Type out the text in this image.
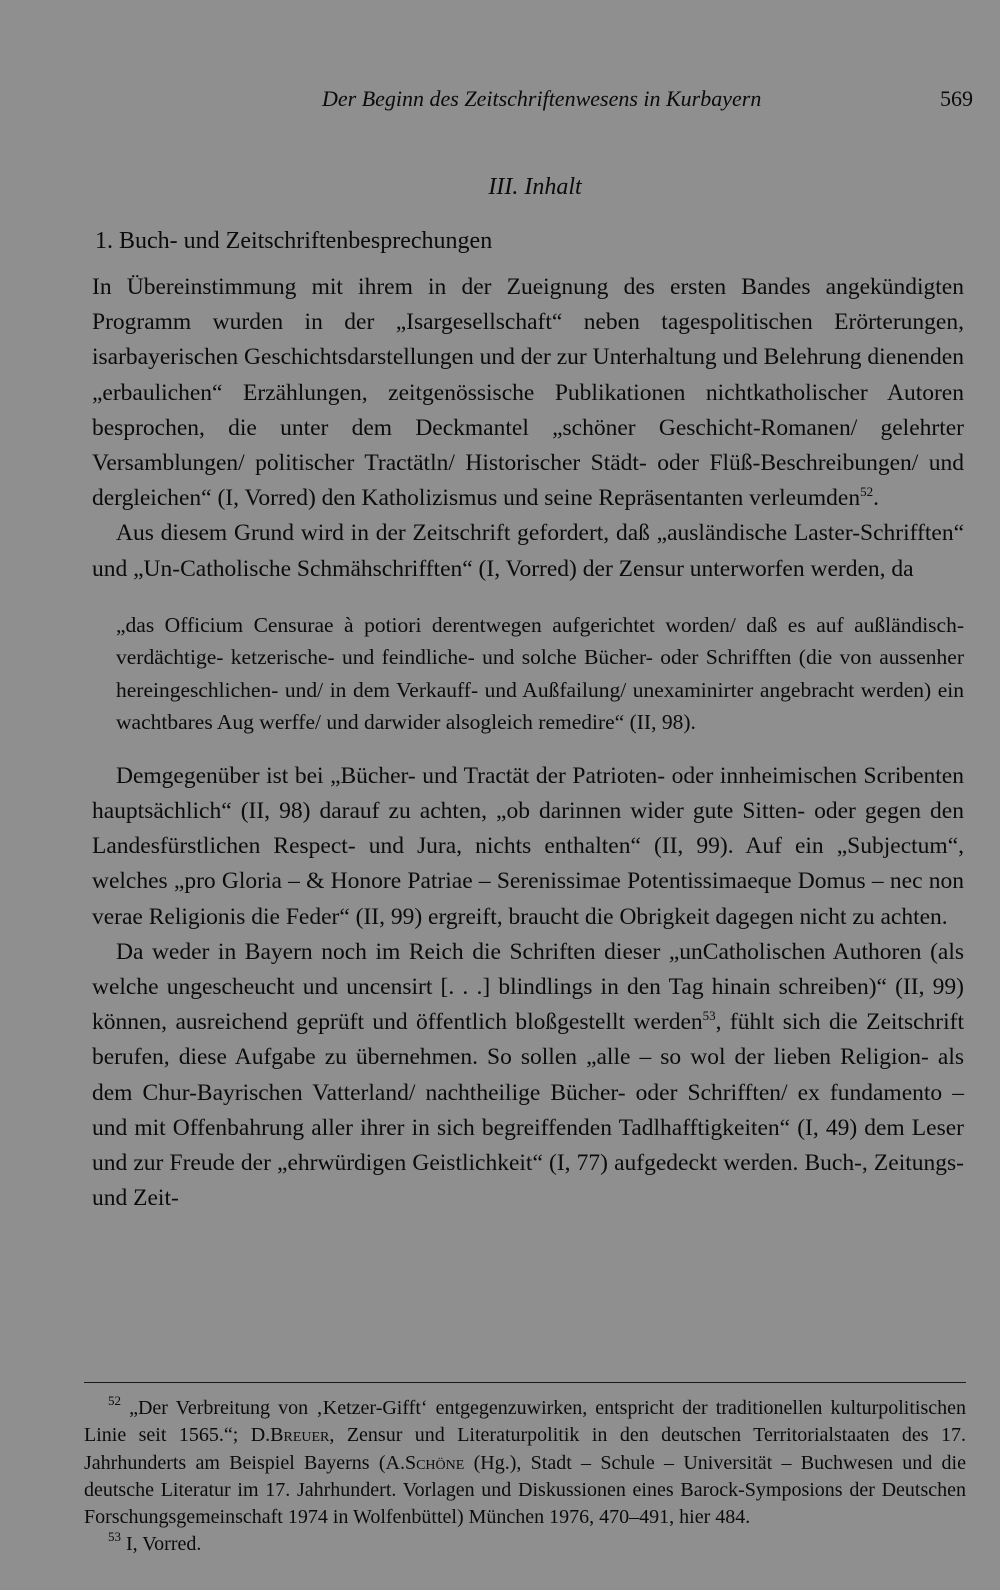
Der Beginn des Zeitschriftenwesens in Kurbayern	569
III. Inhalt
1. Buch- und Zeitschriftenbesprechungen

In Übereinstimmung mit ihrem in der Zueignung des ersten Bandes angekündigten Programm wurden in der „Isargesellschaft“ neben tagespolitischen Erörterungen, isarbayerischen Geschichtsdarstellungen und der zur Unterhaltung und Belehrung dienenden „erbaulichen“ Erzählungen, zeitgenössische Publikationen nichtkatholischer Autoren besprochen, die unter dem Deckmantel „schöner Geschicht-Romanen/ gelehrter Versamblungen/ politischer Tractätln/ Historischer Städt- oder Flüß-Beschreibungen/ und dergleichen“ (I, Vorred) den Katholizismus und seine Repräsentanten verleumden$^{52}$.

Aus diesem Grund wird in der Zeitschrift gefordert, daß „ausländische Laster-Schrifften“ und „Un-Catholische Schmähschrifften“ (I, Vorred) der Zensur unterworfen werden, da

„das Officium Censurae à potiori derentwegen aufgerichtet worden/ daß es auf außländisch- verdächtige- ketzerische- und feindliche- und solche Bücher- oder Schrifften (die von aussenher hereingeschlichen- und/ in dem Verkauff- und Außfailung/ unexaminirter angebracht werden) ein wachtbares Aug werffe/ und darwider alsogleich remedire“ (II, 98).

Demgegenüber ist bei „Bücher- und Tractät der Patrioten- oder innheimischen Scribenten hauptsächlich“ (II, 98) darauf zu achten, „ob darinnen wider gute Sitten- oder gegen den Landesfürstlichen Respect- und Jura, nichts enthalten“ (II, 99). Auf ein „Subjectum“, welches „pro Gloria – & Honore Patriae – Serenissimae Potentissimaeque Domus – nec non verae Religionis die Feder“ (II, 99) ergreift, braucht die Obrigkeit dagegen nicht zu achten.

Da weder in Bayern noch im Reich die Schriften dieser „unCatholischen Authoren (als welche ungescheucht und uncensirt [. . .] blindlings in den Tag hinain schreiben)“ (II, 99) können, ausreichend geprüft und öffentlich bloßgestellt werden$^{53}$, fühlt sich die Zeitschrift berufen, diese Aufgabe zu übernehmen. So sollen „alle – so wol der lieben Religion- als dem Chur-Bayrischen Vatterland/ nachtheilige Bücher- oder Schrifften/ ex fundamento – und mit Offenbahrung aller ihrer in sich begreiffenden Tadlhafftigkeiten“ (I, 49) dem Leser und zur Freude der „ehrwürdigen Geistlichkeit“ (I, 77) aufgedeckt werden. Buch-, Zeitungs- und Zeit-

$^{52}$ „Der Verbreitung von ‚Ketzer-Gifft‘ entgegenzuwirken, entspricht der traditionellen kulturpolitischen Linie seit 1565.“; D.Breuer, Zensur und Literaturpolitik in den deutschen Territorialstaaten des 17. Jahrhunderts am Beispiel Bayerns (A.Schöne (Hg.), Stadt – Schule – Universität – Buchwesen und die deutsche Literatur im 17. Jahrhundert. Vorlagen und Diskussionen eines Barock-Symposions der Deutschen Forschungsgemeinschaft 1974 in Wolfenbüttel) München 1976, 470–491, hier 484.

$^{53}$ I, Vorred.
